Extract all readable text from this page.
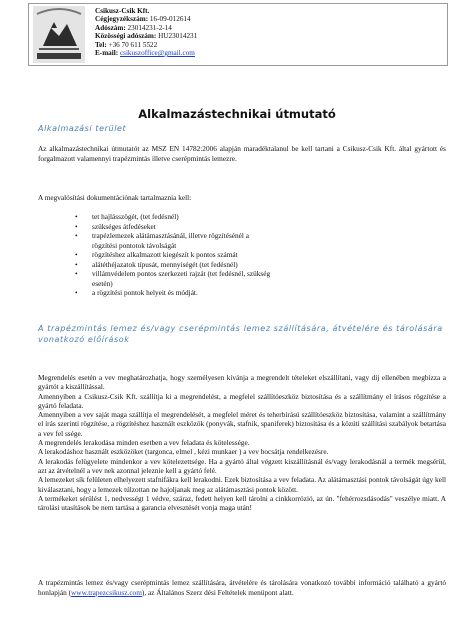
Csikusz-Csik Kft.
Cégjegyzékszám: 16-09-012614
Adószám: 23014231-2-14
Közösségi adószám: HU23014231
Tel: +36 70 611 5522
E-mail: csikuszoffice@gmail.com
Alkalmazástechnikai útmutató
Alkalmazási terület
Az alkalmazástechnikai útmutatót az MSZ EN 14782:2006 alapján maradéktalanul be kell tartani a Csikusz-Csik Kft. által gyártott és forgalmazott valamennyi trapézmintás illetve cserépmintás lemezre.
A megvalósítási dokumentációnak tartalmaznia kell:
• tet hajlásszögét, (tet fedésnél)
• szükséges átfedéseket
• trapézlemezek alátámasztásánál, illetve rögzítésénél a
rögzítési pontotok távolságát
• rögzítéshez alkalmazott kiegészít k pontos számát
• alátéthéjazatok típusát, mennyiségét (tet fedésnél)
• villámvédelem pontos szerkezeti rajzát (tet fedésnél, szükség
esetén)
• a rögzítési pontok helyeit és módját.
A trapézmintás lemez és/vagy cserépmintás lemez szállítására, átvételére és tárolására vonatkozó előírások
Megrendelés esetén a vev meghatározhatja, hogy személyesen kívánja a megrendelt tételeket elszállítani, vagy díj ellenében megbízza a gyártót a kiszállítással.
Amennyiben a Csikusz-Csik Kft. szállítja ki a megrendelést, a megfelel szállítóeszköz biztosítása és a szállítmány el írásos rögzítése a gyártó feladata.
Amennyiben a vev saját maga szállítja el megrendelését, a megfelel méret és teherbírású szállítóeszköz biztosítása, valamint a szállítmány el írás szerinti rögzítése, a rögzítéshez használt eszközök (ponyvák, stafnik, spaniferek) biztosítása és a közúti szállítási szabályok betartása a vev fel ssége.
A megrendelés lerakodása minden esetben a vev feladata és kötelessége.
A lerakodáshoz használt eszközöket (targonca, elmel , kézi munkaer ) a vev bocsátja rendelkezésre.
A lerakodás felügyelete mindenkor a vev kötelezettsége. Ha a gyártó által végzett kiszállításnál és/vagy lerakodásnál a termék megsérül, azt az átvételnél a vev nek azonnal jeleznie kell a gyártó felé.
A lemezeket sík felületen elhelyezett stafnifákra kell lerakodni. Ezek biztosítása a vev feladata. Az alátámasztási pontok távolságát úgy kell kiválasztani, hogy a lemezek túlzottan ne hajoljanak meg az alátámasztási pontok között.
A termékeket sérülést 1, nedvességt 1 védve, száraz, fedett helyen kell tárolni a cinkkorrózió, az ún. "fehérrozsdásodás" veszélye miatt. A tárolási utasítások be nem tartása a garancia elvesztését vonja maga után!
A trapézmintás lemez és/vagy cserépmintás lemez szállítására, átvételére és tárolására vonatkozó további információ található a gyártó honlapján (www.trapezcsikusz.com), az Általános Szerz dési Feltételek menüpont alatt.
